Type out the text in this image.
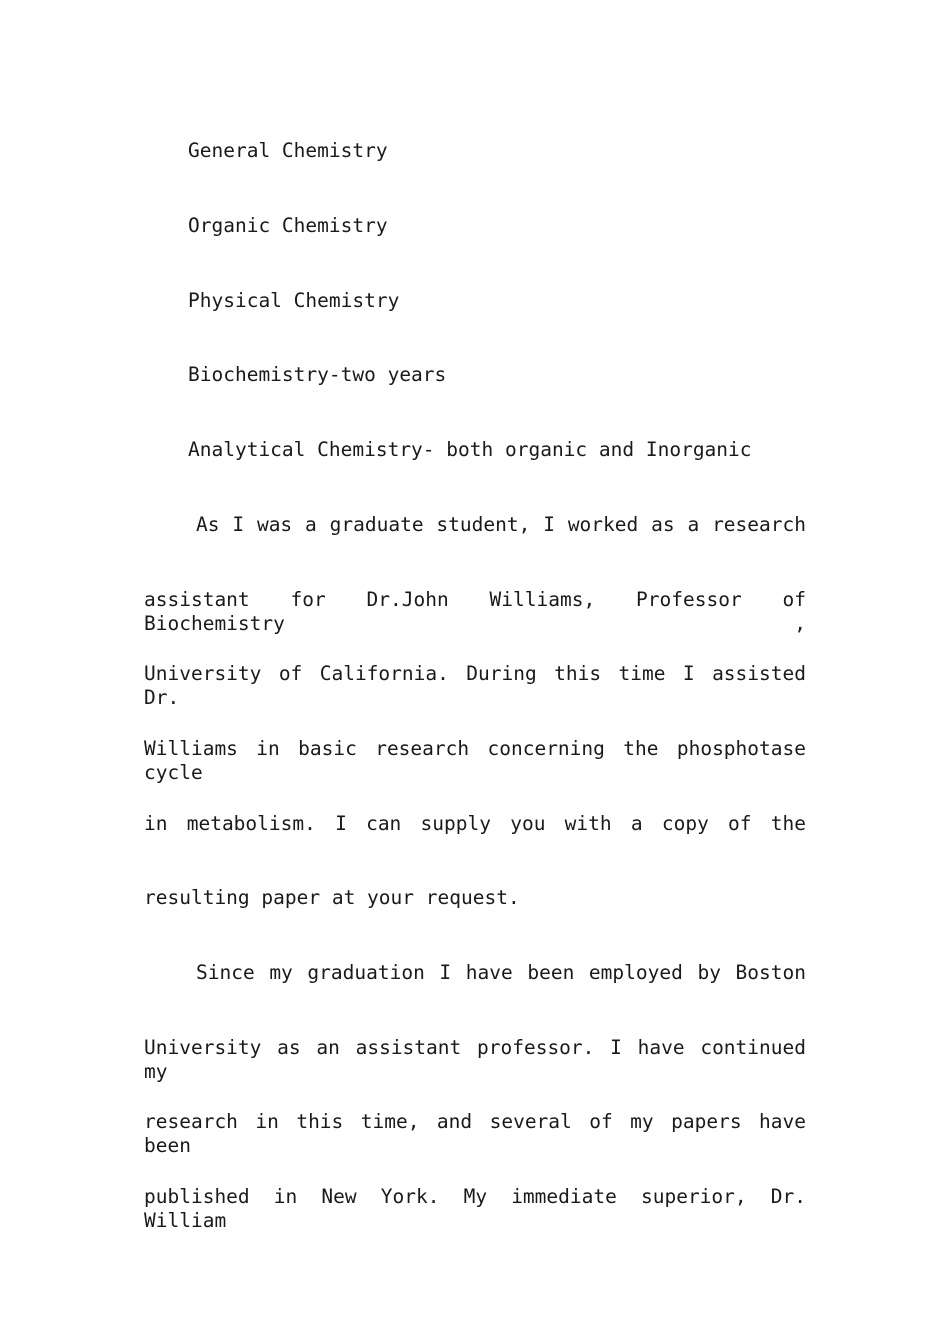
General Chemistry
Organic Chemistry
Physical Chemistry
Biochemistry-two years
Analytical Chemistry- both organic and Inorganic
As I was a graduate student, I worked as a research
assistant for Dr.John Williams, Professor of Biochemistry ,
University of California. During this time I assisted Dr.
Williams in basic research concerning the phosphotase cycle
in metabolism. I can supply you with a copy of the
resulting paper at your request.
Since my graduation I have been employed by Boston
University as an assistant professor. I have continued my
research in this time, and several of my papers have been
published in New York. My immediate superior, Dr. William
